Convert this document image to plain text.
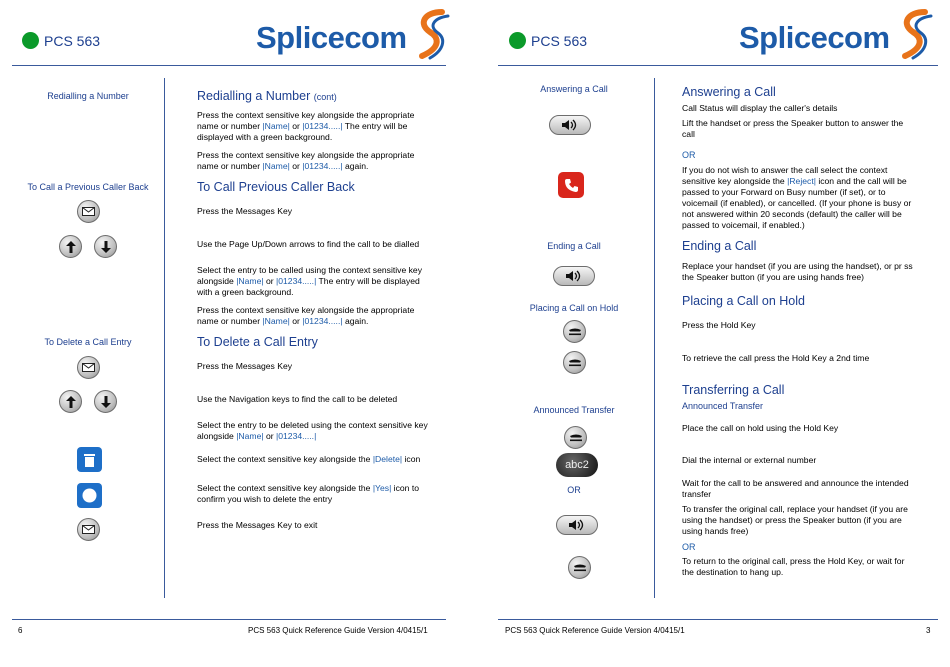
PCS 563	Splicecom
Redialling a Number
To Call a Previous Caller Back
To Delete a Call Entry
Redialling a Number (cont)
To Call Previous Caller Back
To Delete a Call Entry
Press the context sensitive key alongside the appropriate
name or number |Name| or |01234.....| The entry will be
displayed with a green background.
Press the context sensitive key alongside the appropriate
name or number |Name| or |01234.....| again.
Press the Messages Key
Use the Page Up/Down arrows to find the call to be dialled
Select the entry to be called using the context sensitive key
alongside |Name| or |01234.....| The entry will be displayed
with a green background.
Press the context sensitive key alongside the appropriate
name or number |Name| or |01234.....| again.
Press the Messages Key
Use the Navigation keys to find the call to be deleted
Select the entry to be deleted using the context sensitive key
alongside |Name| or |01234.....|
Select the context sensitive key alongside the |Delete| icon
Select the context sensitive key alongside the |Yes| icon to
confirm you wish to delete the entry
Press the Messages Key to exit
6	PCS 563 Quick Reference Guide Version 4/0415/1
PCS 563	Splicecom
Answering a Call
Ending a Call
Placing a Call on Hold
Announced Transfer
OR
abc2
Answering a Call
Ending a Call
Placing a Call on Hold
Transferring a Call
Announced Transfer
Call Status will display the caller's details
Lift the handset or press the Speaker button to answer the
call
OR
If you do not wish to answer the call select the context
sensitive key alongside the |Reject| icon and the call will be
passed to your Forward on Busy number (if set), or to
voicemail (if enabled), or cancelled. (If your phone is busy or
not answered within 20 seconds (default) the caller will be
passed to voicemail, if enabled.)
Replace your handset (if you are using the handset), or pr ss
the Speaker button (if you are using hands free)
Press the Hold Key
To retrieve the call press the Hold Key a 2nd time
Place the call on hold using the Hold Key
Dial the internal or external number
Wait for the call to be answered and announce the intended
transfer
To transfer the original call, replace your handset (if you are
using the handset) or press the Speaker button (if you are
using hands free)
OR
To return to the original call, press the Hold Key, or wait for
the destination to hang up.
PCS 563 Quick Reference Guide Version 4/0415/1	3
